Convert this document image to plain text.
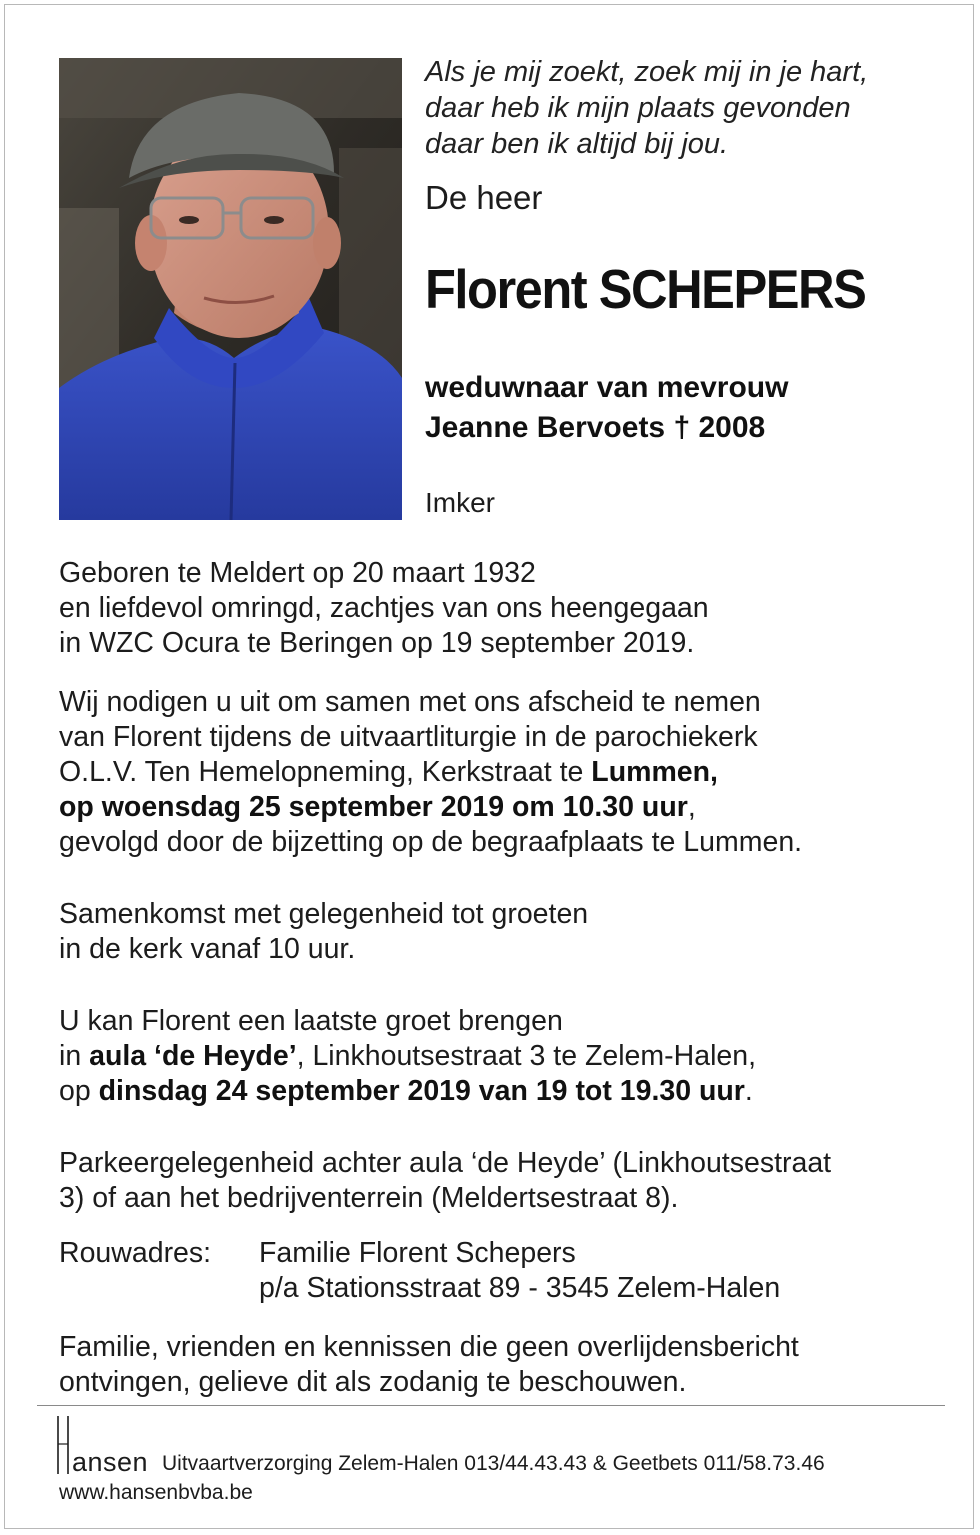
Als je mij zoekt, zoek mij in je hart,
daar heb ik mijn plaats gevonden
daar ben ik altijd bij jou.
De heer
Florent SCHEPERS
weduwnaar van mevrouw
Jeanne Bervoets † 2008
Imker
Geboren te Meldert op 20 maart 1932
en liefdevol omringd, zachtjes van ons heengegaan
in WZC Ocura te Beringen op 19 september 2019.
Wij nodigen u uit om samen met ons afscheid te nemen
van Florent tijdens de uitvaartliturgie in de parochiekerk
O.L.V. Ten Hemelopneming, Kerkstraat te Lummen,
op woensdag 25 september 2019 om 10.30 uur,
gevolgd door de bijzetting op de begraafplaats te Lummen.
Samenkomst met gelegenheid tot groeten
in de kerk vanaf 10 uur.
U kan Florent een laatste groet brengen
in aula ‘de Heyde’, Linkhoutsestraat 3 te Zelem-Halen,
op dinsdag 24 september 2019 van 19 tot 19.30 uur.
Parkeergelegenheid achter aula ‘de Heyde’ (Linkhoutsestraat
3) of aan het bedrijventerrein (Meldertsestraat 8).
Rouwadres: Familie Florent Schepers
p/a Stationsstraat 89 - 3545 Zelem-Halen
Familie, vrienden en kennissen die geen overlijdensbericht
ontvingen, gelieve dit als zodanig te beschouwen.
ansen Uitvaartverzorging Zelem-Halen 013/44.43.43 & Geetbets 011/58.73.46
www.hansenbvba.be
